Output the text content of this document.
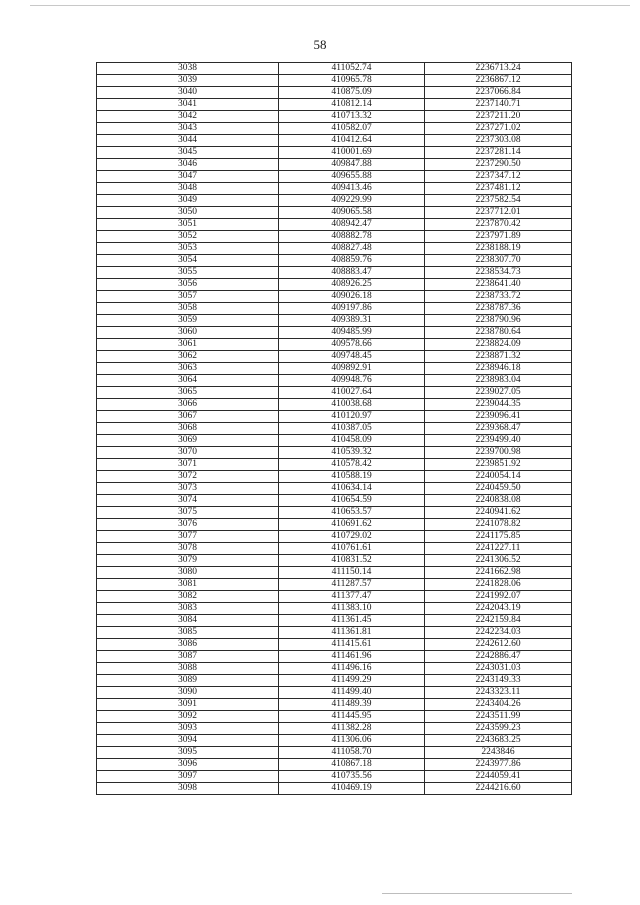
58
3038	411052.74	2236713.24
3039	410965.78	2236867.12
3040	410875.09	2237066.84
3041	410812.14	2237140.71
3042	410713.32	2237211.20
3043	410582.07	2237271.02
3044	410412.64	2237303.08
3045	410001.69	2237281.14
3046	409847.88	2237290.50
3047	409655.88	2237347.12
3048	409413.46	2237481.12
3049	409229.99	2237582.54
3050	409065.58	2237712.01
3051	408942.47	2237870.42
3052	408882.78	2237971.89
3053	408827.48	2238188.19
3054	408859.76	2238307.70
3055	408883.47	2238534.73
3056	408926.25	2238641.40
3057	409026.18	2238733.72
3058	409197.86	2238787.36
3059	409389.31	2238790.96
3060	409485.99	2238780.64
3061	409578.66	2238824.09
3062	409748.45	2238871.32
3063	409892.91	2238946.18
3064	409948.76	2238983.04
3065	410027.64	2239027.05
3066	410038.68	2239044.35
3067	410120.97	2239096.41
3068	410387.05	2239368.47
3069	410458.09	2239499.40
3070	410539.32	2239700.98
3071	410578.42	2239851.92
3072	410588.19	2240054.14
3073	410634.14	2240459.50
3074	410654.59	2240838.08
3075	410653.57	2240941.62
3076	410691.62	2241078.82
3077	410729.02	2241175.85
3078	410761.61	2241227.11
3079	410831.52	2241306.52
3080	411150.14	2241662.98
3081	411287.57	2241828.06
3082	411377.47	2241992.07
3083	411383.10	2242043.19
3084	411361.45	2242159.84
3085	411361.81	2242234.03
3086	411415.61	2242612.60
3087	411461.96	2242886.47
3088	411496.16	2243031.03
3089	411499.29	2243149.33
3090	411499.40	2243323.11
3091	411489.39	2243404.26
3092	411445.95	2243511.99
3093	411382.28	2243599.23
3094	411306.06	2243683.25
3095	411058.70	2243846
3096	410867.18	2243977.86
3097	410735.56	2244059.41
3098	410469.19	2244216.60
